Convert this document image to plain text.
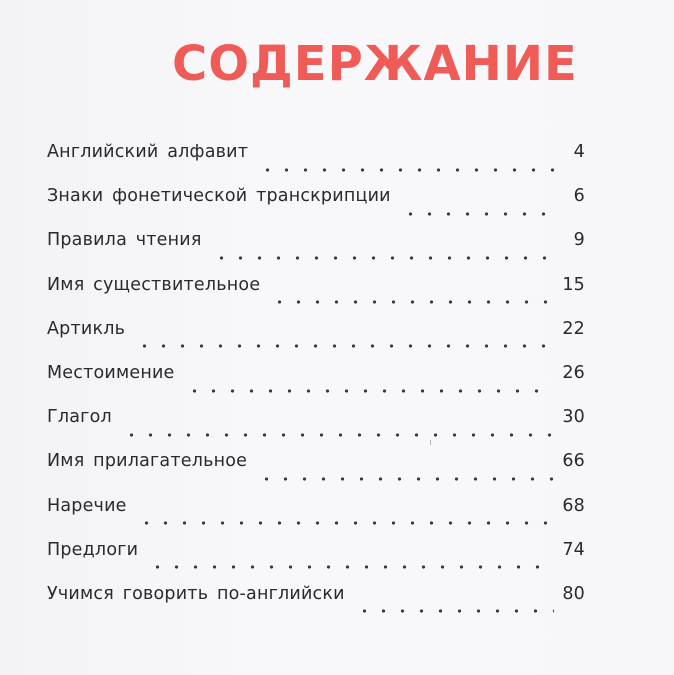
СОДЕРЖАНИЕ
Английский алфавит	4
Знаки фонетической транскрипции	6
Правила чтения	9
Имя существительное	15
Артикль	22
Местоимение	26
Глагол	30
Имя прилагательное	66
Наречие	68
Предлоги	74
Учимся говорить по-английски	80
